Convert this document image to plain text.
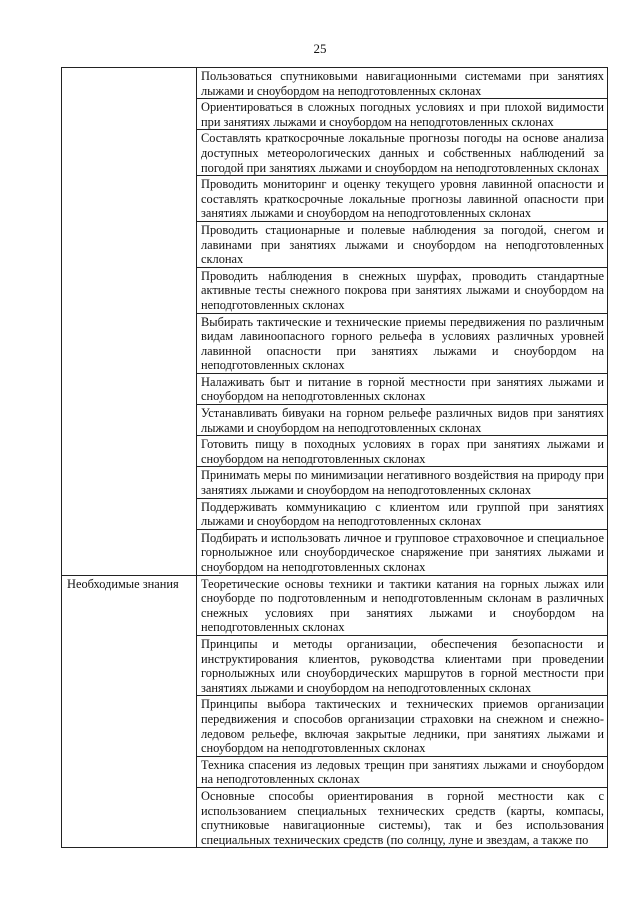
25

	Пользоваться спутниковыми навигационными системами при занятиях лыжами и сноубордом на неподготовленных склонах

	Ориентироваться в сложных погодных условиях и при плохой видимости при занятиях лыжами и сноубордом на неподготовленных склонах

	Составлять краткосрочные локальные прогнозы погоды на основе анализа доступных метеорологических данных и собственных наблюдений за погодой при занятиях лыжами и сноубордом на неподготовленных склонах

	Проводить мониторинг и оценку текущего уровня лавинной опасности и составлять краткосрочные локальные прогнозы лавинной опасности при занятиях лыжами и сноубордом на неподготовленных склонах

	Проводить стационарные и полевые наблюдения за погодой, снегом и лавинами при занятиях лыжами и сноубордом на неподготовленных склонах

	Проводить наблюдения в снежных шурфах, проводить стандартные активные тесты снежного покрова при занятиях лыжами и сноубордом на неподготовленных склонах

	Выбирать тактические и технические приемы передвижения по различным видам лавиноопасного горного рельефа в условиях различных уровней лавинной опасности при занятиях лыжами и сноубордом на неподготовленных склонах

	Налаживать быт и питание в горной местности при занятиях лыжами и сноубордом на неподготовленных склонах

	Устанавливать бивуаки на горном рельефе различных видов при занятиях лыжами и сноубордом на неподготовленных склонах

	Готовить пищу в походных условиях в горах при занятиях лыжами и сноубордом на неподготовленных склонах

	Принимать меры по минимизации негативного воздействия на природу при занятиях лыжами и сноубордом на неподготовленных склонах

	Поддерживать коммуникацию с клиентом или группой при занятиях лыжами и сноубордом на неподготовленных склонах

	Подбирать и использовать личное и групповое страховочное и специальное горнолыжное или сноубордическое снаряжение при занятиях лыжами и сноубордом на неподготовленных склонах

Необходимые знания	Теоретические основы техники и тактики катания на горных лыжах или сноуборде по подготовленным и неподготовленным склонам в различных снежных условиях при занятиях лыжами и сноубордом на неподготовленных склонах

	Принципы и методы организации, обеспечения безопасности и инструктирования клиентов, руководства клиентами при проведении горнолыжных или сноубордических маршрутов в горной местности при занятиях лыжами и сноубордом на неподготовленных склонах

	Принципы выбора тактических и технических приемов организации передвижения и способов организации страховки на снежном и снежно-ледовом рельефе, включая закрытые ледники, при занятиях лыжами и сноубордом на неподготовленных склонах

	Техника спасения из ледовых трещин при занятиях лыжами и сноубордом на неподготовленных склонах

	Основные способы ориентирования в горной местности как с использованием специальных технических средств (карты, компасы, спутниковые навигационные системы), так и без использования специальных технических средств (по солнцу, луне и звездам, а также по
